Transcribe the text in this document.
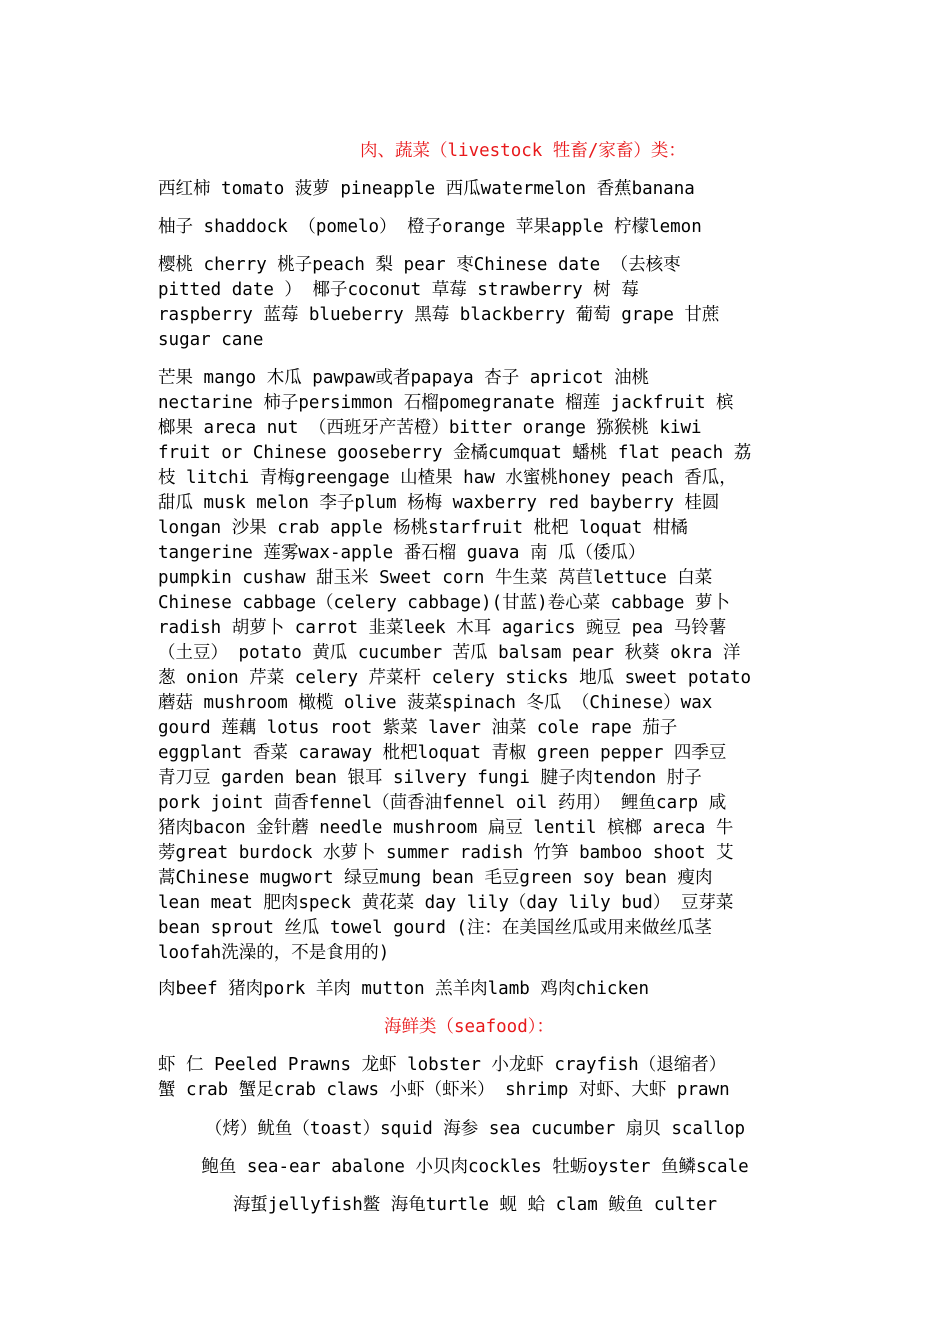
肉、蔬菜（livestock 牲畜/家畜）类：
西红柿 tomato 菠萝 pineapple 西瓜watermelon 香蕉banana
柚子 shaddock （pomelo） 橙子orange 苹果apple 柠檬lemon
樱桃 cherry 桃子peach 梨 pear 枣Chinese date （去核枣
pitted date ） 椰子coconut 草莓 strawberry 树 莓
raspberry 蓝莓 blueberry 黑莓 blackberry 葡萄 grape 甘蔗
sugar cane
芒果 mango 木瓜 pawpaw或者papaya 杏子 apricot 油桃
nectarine 柿子persimmon 石榴pomegranate 榴莲 jackfruit 槟
榔果 areca nut （西班牙产苦橙）bitter orange 猕猴桃 kiwi
fruit or Chinese gooseberry 金橘cumquat 蟠桃 flat peach 荔
枝 litchi 青梅greengage 山楂果 haw 水蜜桃honey peach 香瓜，
甜瓜 musk melon 李子plum 杨梅 waxberry red bayberry 桂圆
longan 沙果 crab apple 杨桃starfruit 枇杷 loquat 柑橘
tangerine 莲雾wax-apple 番石榴 guava 南 瓜（倭瓜）
pumpkin cushaw 甜玉米 Sweet corn 牛生菜 莴苣lettuce 白菜
Chinese cabbage（celery cabbage)(甘蓝)卷心菜 cabbage 萝卜
radish 胡萝卜 carrot 韭菜leek 木耳 agarics 豌豆 pea 马铃薯
（土豆） potato 黄瓜 cucumber 苦瓜 balsam pear 秋葵 okra 洋
葱 onion 芹菜 celery 芹菜杆 celery sticks 地瓜 sweet potato
蘑菇 mushroom 橄榄 olive 菠菜spinach 冬瓜 （Chinese）wax
gourd 莲藕 lotus root 紫菜 laver 油菜 cole rape 茄子
eggplant 香菜 caraway 枇杷loquat 青椒 green pepper 四季豆
青刀豆 garden bean 银耳 silvery fungi 腱子肉tendon 肘子
pork joint 茴香fennel（茴香油fennel oil 药用） 鲤鱼carp 咸
猪肉bacon 金针蘑 needle mushroom 扁豆 lentil 槟榔 areca 牛
蒡great burdock 水萝卜 summer radish 竹笋 bamboo shoot 艾
蒿Chinese mugwort 绿豆mung bean 毛豆green soy bean 瘦肉
lean meat 肥肉speck 黄花菜 day lily（day lily bud） 豆芽菜
bean sprout 丝瓜 towel gourd (注：在美国丝瓜或用来做丝瓜茎
loofah洗澡的，不是食用的)
肉beef 猪肉pork 羊肉 mutton 羔羊肉lamb 鸡肉chicken
海鲜类（seafood）：
虾 仁 Peeled Prawns 龙虾 lobster 小龙虾 crayfish（退缩者）
蟹 crab 蟹足crab claws 小虾（虾米） shrimp 对虾、大虾 prawn
（烤）鱿鱼（toast）squid 海参 sea cucumber 扇贝 scallop
鲍鱼 sea-ear abalone 小贝肉cockles 牡蛎oyster 鱼鳞scale
海蜇jellyfish鳖 海龟turtle 蚬 蛤 clam 鲅鱼 culter
